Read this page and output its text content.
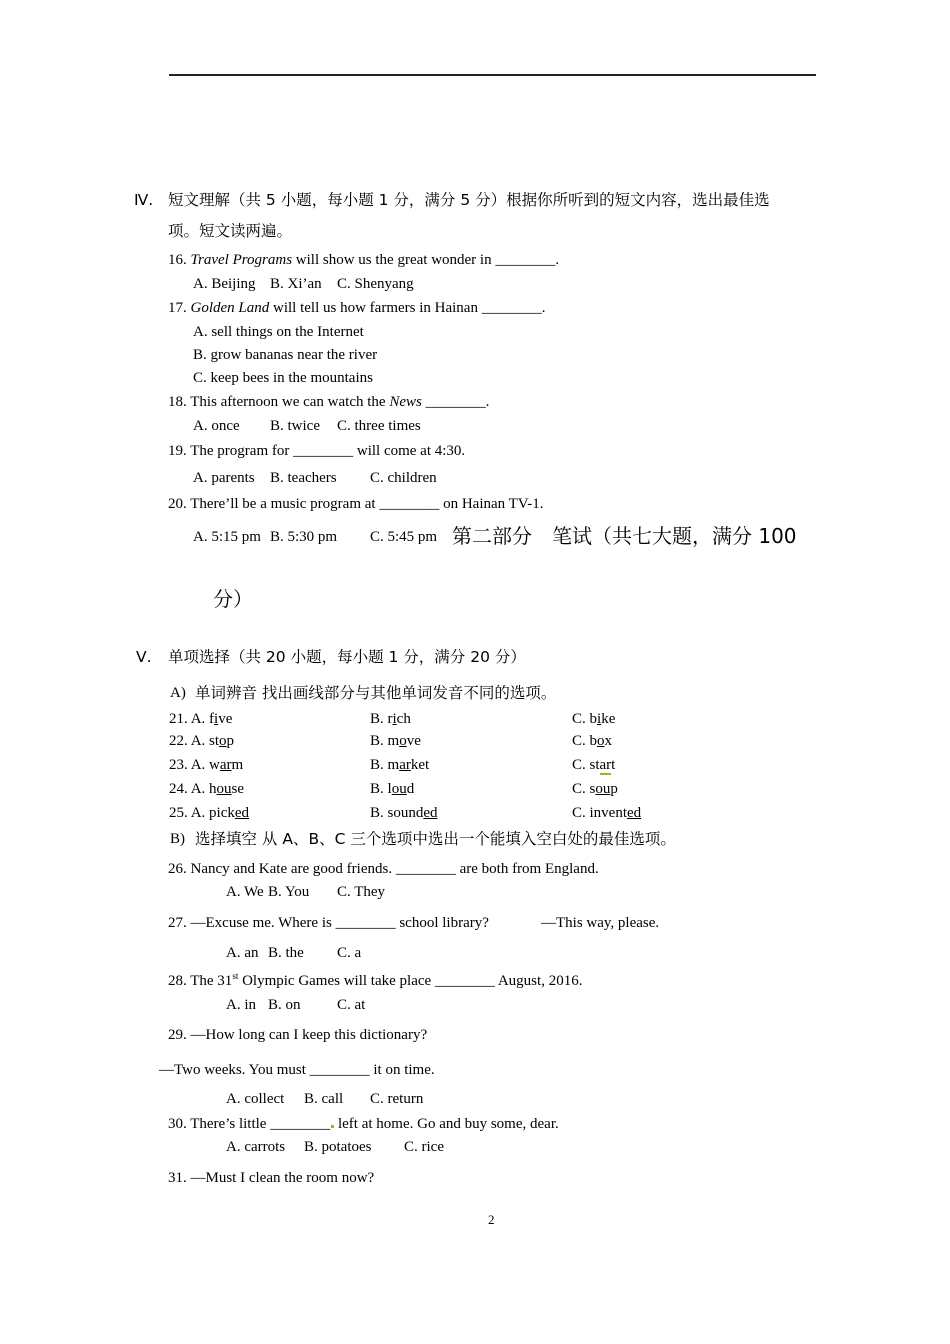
Ⅳ. 短文理解（共 5 小题，每小题 1 分，满分 5 分）根据你所听到的短文内容，选出最佳选
项。短文读两遍。
16. Travel Programs will show us the great wonder in ________.
A. Beijing B. Xi’an C. Shenyang
17. Golden Land will tell us how farmers in Hainan ________.
A. sell things on the Internet
B. grow bananas near the river
C. keep bees in the mountains
18. This afternoon we can watch the News ________.
A. once B. twice C. three times
19. The program for ________ will come at 4:30.
A. parents B. teachers C. children
20. There’ll be a music program at ________ on Hainan TV-1.
A. 5:15 pm B. 5:30 pm C. 5:45 pm 第二部分　笔试（共七大题，满分 100
分）
Ⅴ. 单项选择（共 20 小题，每小题 1 分，满分 20 分）
A) 单词辨音 找出画线部分与其他单词发音不同的选项。
21. A. five	B. rich	C. bike
22. A. stop	B. move	C. box
23. A. warm	B. market	C. start
24. A. house	B. loud	C. soup
25. A. picked	B. sounded	C. invented
B) 选择填空 从 A、B、C 三个选项中选出一个能填入空白处的最佳选项。
26. Nancy and Kate are good friends. ________ are both from England.
A. We B. You C. They
27. —Excuse me. Where is ________ school library?	—This way, please.
A. an B. the C. a
28. The 31st Olympic Games will take place ________ August, 2016.
A. in B. on C. at
29. —How long can I keep this dictionary?
—Two weeks. You must ________ it on time.
A. collect B. call C. return
30. There’s little ________ left at home. Go and buy some, dear.
A. carrots B. potatoes C. rice
31. —Must I clean the room now?
2
